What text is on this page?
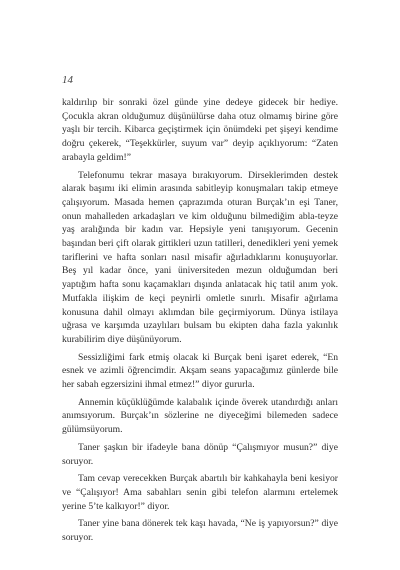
14

kaldırılıp bir sonraki özel günde yine dedeye gidecek bir hediye. Çocukla akran olduğumuz düşünülürse daha otuz olmamış birine göre yaşlı bir tercih. Kibarca geçiştirmek için önümdeki pet şişeyi kendime doğru çekerek, “Teşekkürler, suyum var” deyip açıklıyorum: “Zaten arabayla geldim!”

Telefonumu tekrar masaya bırakıyorum. Dirseklerimden destek alarak başımı iki elimin arasında sabitleyip konuşmaları takip etmeye çalışıyorum. Masada hemen çaprazımda oturan Burçak’ın eşi Taner, onun mahalleden arkadaşları ve kim olduğunu bilmediğim abla-teyze yaş aralığında bir kadın var. Hepsiyle yeni tanışıyorum. Gecenin başından beri çift olarak gittikleri uzun tatilleri, denedikleri yeni yemek tariflerini ve hafta sonları nasıl misafir ağırladıklarını konuşuyorlar. Beş yıl kadar önce, yani üniversiteden mezun olduğumdan beri yaptığım hafta sonu kaçamakları dışında anlatacak hiç tatil anım yok. Mutfakla ilişkim de keçi peynirli omletle sınırlı. Misafir ağırlama konusuna dahil olmayı aklımdan bile geçirmiyorum. Dünya istilaya uğrasa ve karşımda uzaylıları bulsam bu ekipten daha fazla yakınlık kurabilirim diye düşünüyorum.

Sessizliğimi fark etmiş olacak ki Burçak beni işaret ederek, “En esnek ve azimli öğrencimdir. Akşam seans yapacağımız günlerde bile her sabah egzersizini ihmal etmez!” diyor gururla.

Annemin küçüklüğümde kalabalık içinde överek utandırdığı anları anımsıyorum. Burçak’ın sözlerine ne diyeceğimi bilemeden sadece gülümsüyorum.

Taner şaşkın bir ifadeyle bana dönüp “Çalışmıyor musun?” diye soruyor.

Tam cevap verecekken Burçak abartılı bir kahkahayla beni kesiyor ve “Çalışıyor! Ama sabahları senin gibi telefon alarmını ertelemek yerine 5’te kalkıyor!” diyor.

Taner yine bana dönerek tek kaşı havada, “Ne iş yapıyorsun?” diye soruyor.
